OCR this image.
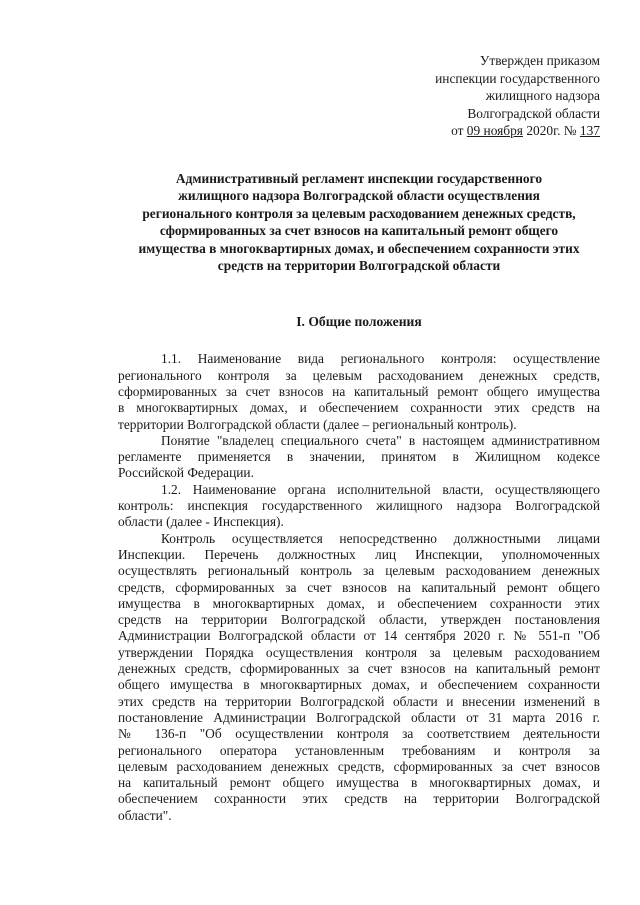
Утвержден приказом
инспекции государственного
жилищного надзора
Волгоградской области
от 09 ноября 2020г. № 137
Административный регламент инспекции государственного
жилищного надзора Волгоградской области осуществления
регионального контроля за целевым расходованием денежных средств,
сформированных за счет взносов на капитальный ремонт общего
имущества в многоквартирных домах, и обеспечением сохранности этих
средств на территории Волгоградской области
I. Общие положения

1.1. Наименование вида регионального контроля: осуществление
регионального контроля за целевым расходованием денежных средств,
сформированных за счет взносов на капитальный ремонт общего имущества
в многоквартирных домах, и обеспечением сохранности этих средств на
территории Волгоградской области (далее – региональный контроль).

Понятие "владелец специального счета" в настоящем административном
регламенте применяется в значении, принятом в Жилищном кодексе
Российской Федерации.

1.2. Наименование органа исполнительной власти, осуществляющего
контроль: инспекция государственного жилищного надзора Волгоградской
области (далее - Инспекция).

Контроль осуществляется непосредственно должностными лицами
Инспекции. Перечень должностных лиц Инспекции, уполномоченных
осуществлять региональный контроль за целевым расходованием денежных
средств, сформированных за счет взносов на капитальный ремонт общего
имущества в многоквартирных домах, и обеспечением сохранности этих
средств на территории Волгоградской области, утвержден постановления
Администрации Волгоградской области от 14 сентября 2020 г. № 551-п "Об
утверждении Порядка осуществления контроля за целевым расходованием
денежных средств, сформированных за счет взносов на капитальный ремонт
общего имущества в многоквартирных домах, и обеспечением сохранности
этих средств на территории Волгоградской области и внесении изменений в
постановление Администрации Волгоградской области от 31 марта 2016 г.
№ 136-п "Об осуществлении контроля за соответствием деятельности
регионального оператора установленным требованиям и контроля за
целевым расходованием денежных средств, сформированных за счет взносов
на капитальный ремонт общего имущества в многоквартирных домах, и
обеспечением сохранности этих средств на территории Волгоградской
области".
